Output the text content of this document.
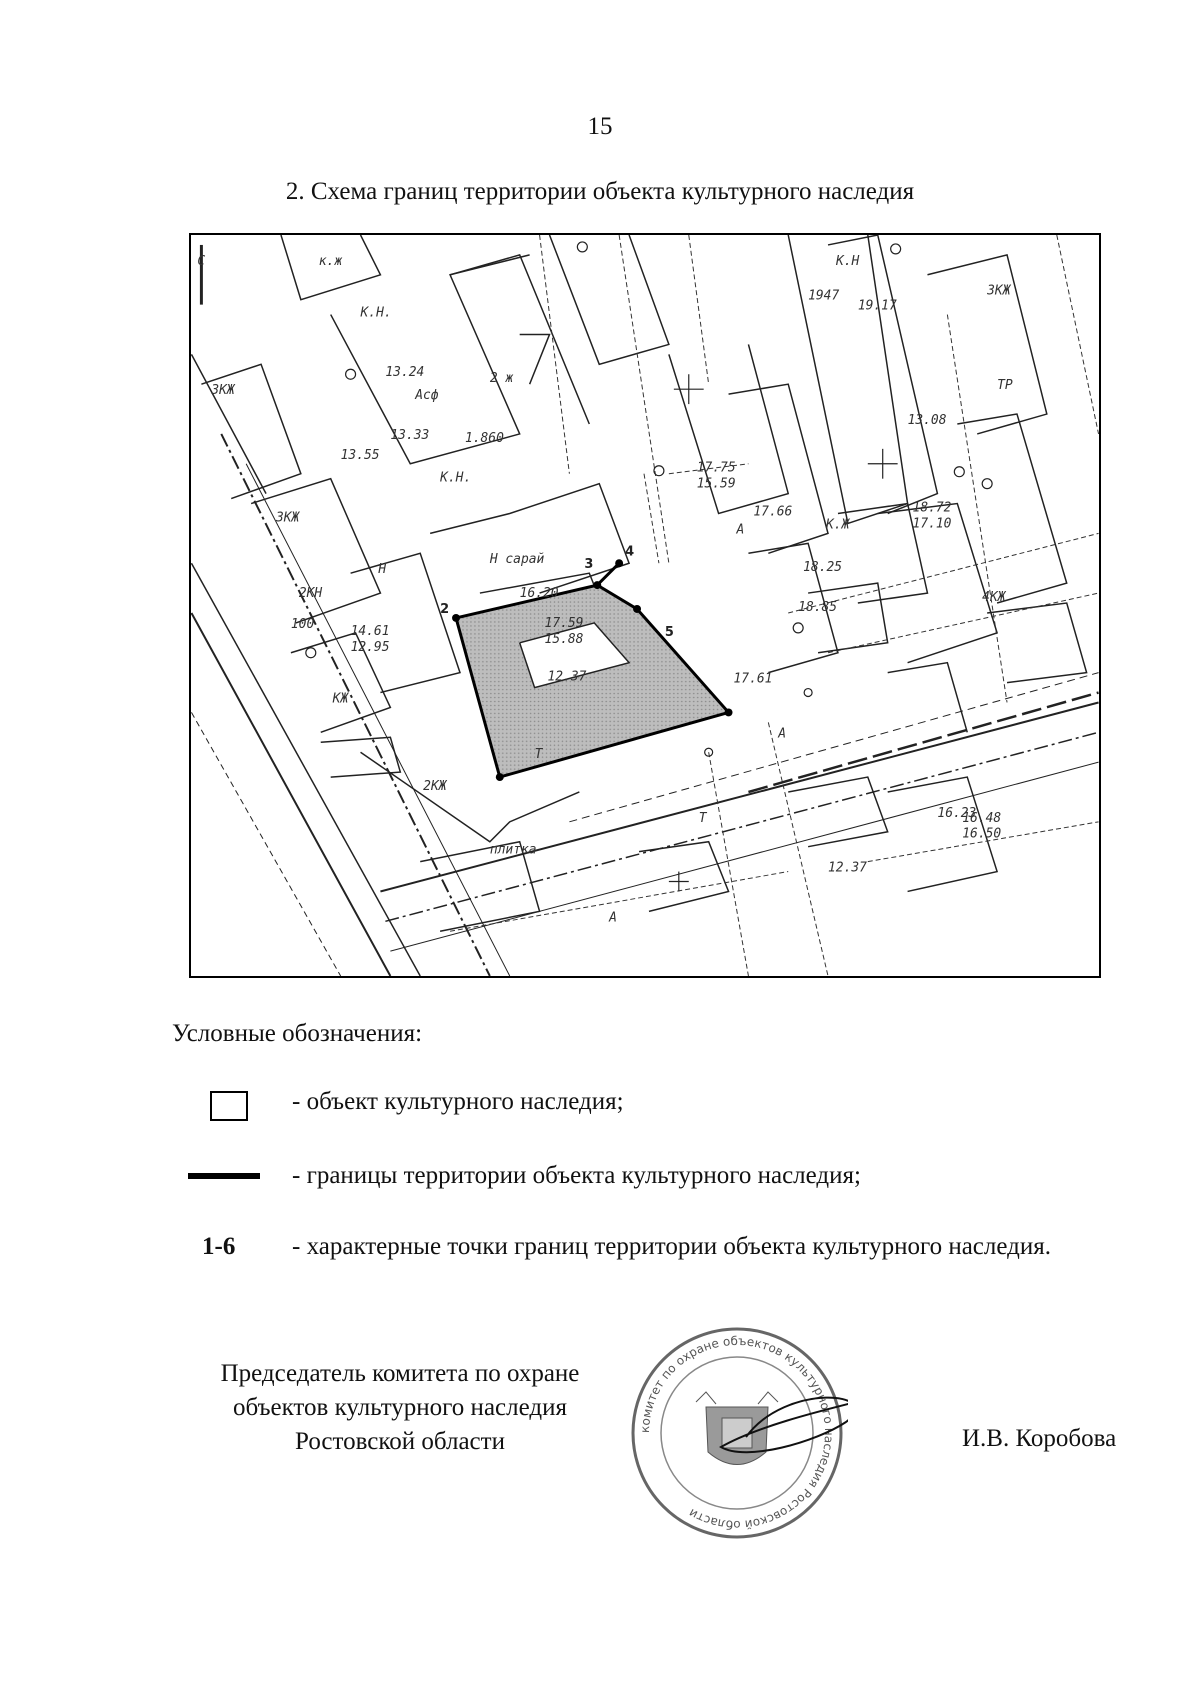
15
2. Схема границ территории объекта культурного наследия
2
3
4
5
С	к.ж
К.Н.
3КЖ
13.24
13.33
13.55
Асф
1.860
2 ж
К.Н.
3КЖ
2КН
Н
Н сарай
16.20
14.61
12.95
100
КЖ
17.59
15.88
12.37
2КЖ
Т
плитка
17.75
15.59
17.66
А	К.Ж
18.25
18.85
4КЖ
18.72
17.10
1947
19.17
13.08
К.Н
3КЖ
ТР
17.61
Т
А
12.37
А
16.23
16.48
16.50
Условные обозначения:
- объект культурного наследия;
- границы территории объекта культурного наследия;
1-6 - характерные точки границ территории объекта культурного наследия.
Председатель комитета по охране объектов культурного наследия Ростовской области	комитет по охране объектов культурного наследия Ростовской области
И.В. Коробова
